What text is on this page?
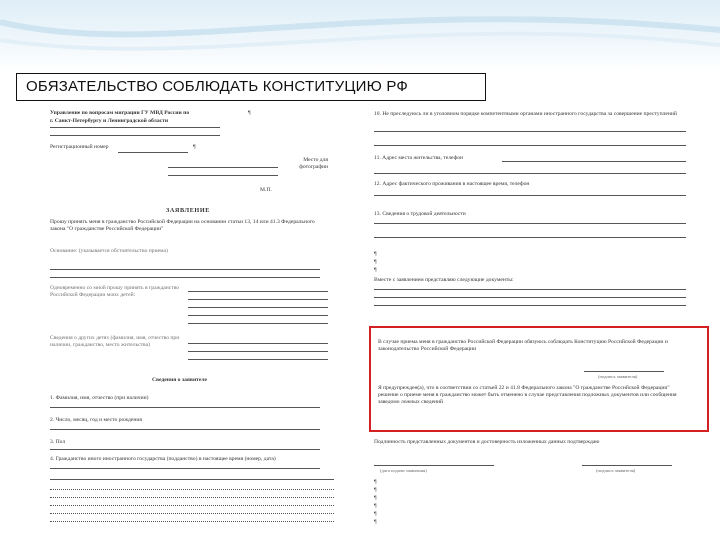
ОБЯЗАТЕЛЬСТВО СОБЛЮДАТЬ КОНСТИТУЦИЮ РФ
Управление по вопросам миграции ГУ МВД России по	¶
г. Санкт-Петербургу и Ленинградской области
Регистрационный номер	¶
Место для фотографии
М.П.
ЗАЯВЛЕНИЕ
Прошу принять меня в гражданство Российской Федерации на основании статьи 13, 14 или 41.3 Федерального закона "О гражданстве Российской Федерации"
Основание: (указывается обстоятельство приема)
Одновременно со мной прошу принять в гражданство Российской Федерации моих детей:
Сведения о других детях (фамилия, имя, отчество при наличии, гражданство, место жительства)
Сведения о заявителе
1. Фамилия, имя, отчество (при наличии)
2. Число, месяц, год и место рождения
3. Пол
4. Гражданство иного иностранного государства (подданство) в настоящее время (номер, дата)
10. Не преследуюсь ли в уголовном порядке компетентными органами иностранного государства за совершение преступлений
11. Адрес места жительства, телефон
12. Адрес фактического проживания в настоящее время, телефон
13. Сведения о трудовой деятельности
¶
¶
¶
Вместе с заявлением представляю следующие документы:
В случае приема меня в гражданство Российской Федерации обязуюсь соблюдать Конституцию Российской Федерации и законодательство Российской Федерации
(подпись заявителя)
Я предупрежден(а), что в соответствии со статьей 22 и 41.8 Федерального закона "О гражданстве Российской Федерации" решение о приеме меня в гражданство может быть отменено в случае представления подложных документов или сообщения заведомо ложных сведений
Подлинность представленных документов и достоверность изложенных данных подтверждаю
(дата подачи заявления)	(подпись заявителя)
¶
¶
¶
¶
¶
¶
